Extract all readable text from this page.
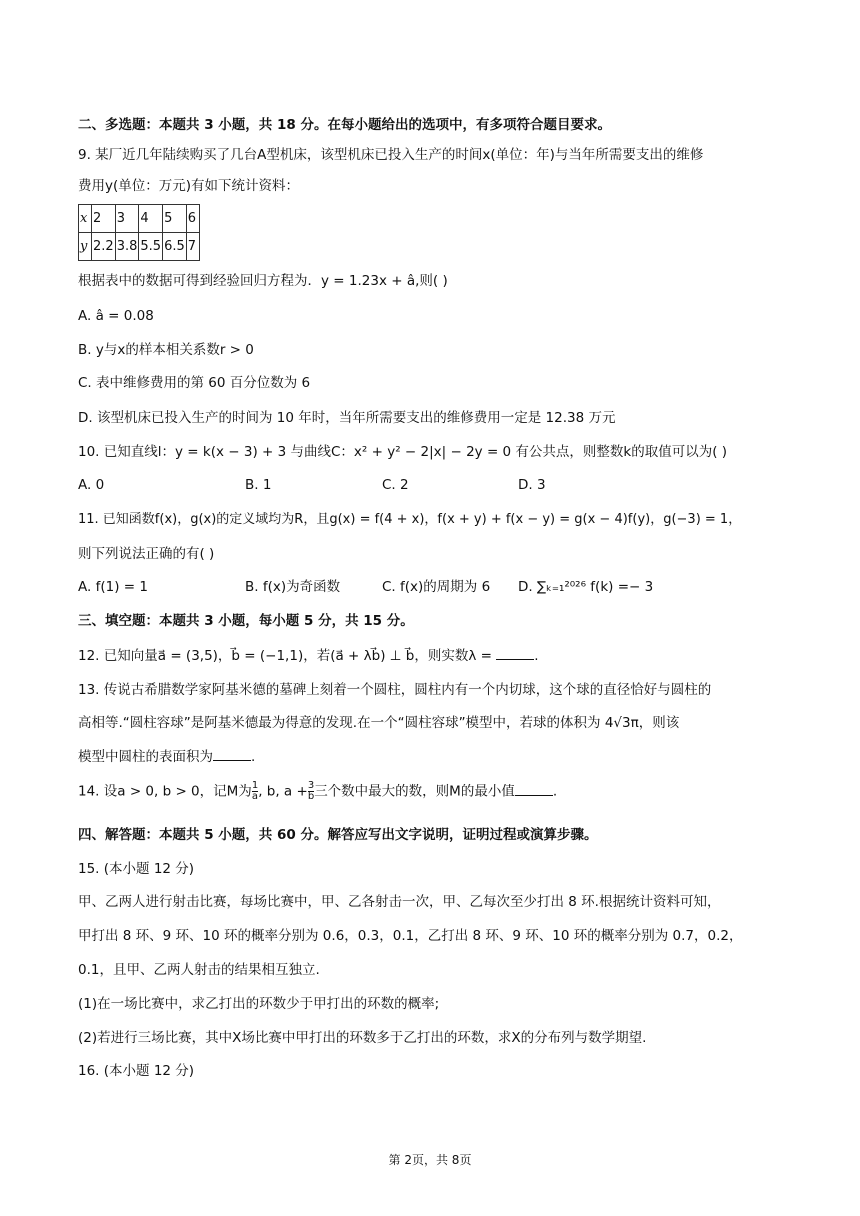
二、多选题：本题共 3 小题，共 18 分。在每小题给出的选项中，有多项符合题目要求。
9. 某厂近几年陆续购买了几台A型机床，该型机床已投入生产的时间x(单位：年)与当年所需要支出的维修
费用y(单位：万元)有如下统计资料：
x	2	3	4	5	6
y	2.2	3.8	5.5	6.5	7
根据表中的数据可得到经验回归方程为．y = 1.23x + â,则( )
A. â = 0.08
B. y与x的样本相关系数r > 0
C. 表中维修费用的第 60 百分位数为 6
D. 该型机床已投入生产的时间为 10 年时，当年所需要支出的维修费用一定是 12.38 万元
10. 已知直线l：y = k(x − 3) + 3 与曲线C：x² + y² − 2|x| − 2y = 0 有公共点，则整数k的取值可以为( )
A. 0	B. 1	C. 2	D. 3
11. 已知函数f(x)，g(x)的定义域均为R，且g(x) = f(4 + x)，f(x + y) + f(x − y) = g(x − 4)f(y)，g(−3) = 1，
则下列说法正确的有( )
A. f(1) = 1	B. f(x)为奇函数	C. f(x)的周期为 6 D. ∑ₖ₌₁²⁰²⁶ f(k) =− 3
三、填空题：本题共 3 小题，每小题 5 分，共 15 分。
12. 已知向量a⃗ = (3,5)，b⃗ = (−1,1)，若(a⃗ + λb⃗) ⊥ b⃗，则实数λ =	.
13. 传说古希腊数学家阿基米德的墓碑上刻着一个圆柱，圆柱内有一个内切球，这个球的直径恰好与圆柱的
高相等.“圆柱容球”是阿基米德最为得意的发现.在一个“圆柱容球”模型中，若球的体积为 4√3π，则该
模型中圆柱的表面积为	.
14. 设a > 0, b > 0，记M为 $\frac{1}{a}$ , b, $a + \frac{3}{b}$ 三个数中最大的数，则M的最小值	.
四、解答题：本题共 5 小题，共 60 分。解答应写出文字说明，证明过程或演算步骤。
15. (本小题 12 分)
甲、乙两人进行射击比赛，每场比赛中，甲、乙各射击一次，甲、乙每次至少打出 8 环.根据统计资料可知，
甲打出 8 环、9 环、10 环的概率分别为 0.6，0.3，0.1，乙打出 8 环、9 环、10 环的概率分别为 0.7，0.2，
0.1，且甲、乙两人射击的结果相互独立.
(1)在一场比赛中，求乙打出的环数少于甲打出的环数的概率;
(2)若进行三场比赛，其中X场比赛中甲打出的环数多于乙打出的环数，求X的分布列与数学期望.
16. (本小题 12 分)
第 2页，共 8页
